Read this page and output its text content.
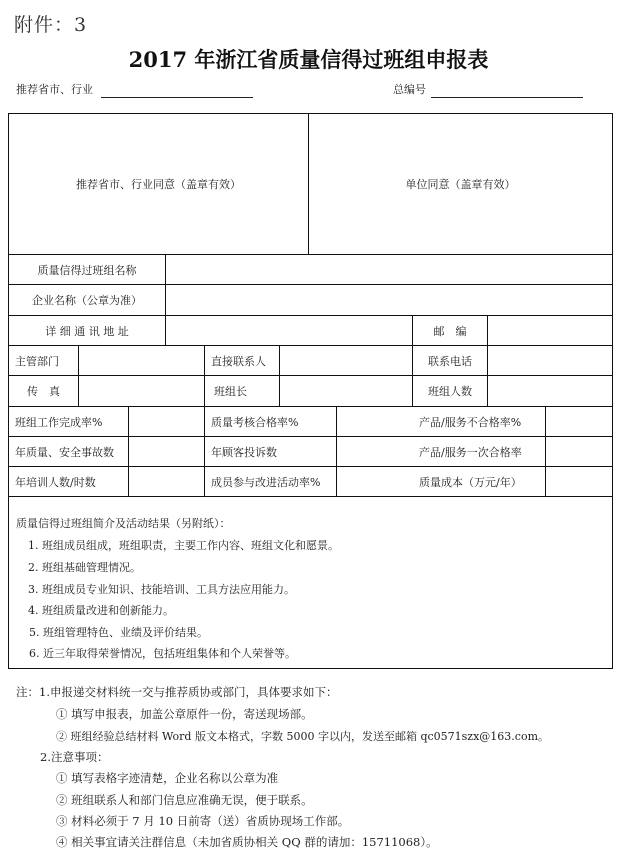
附件：3
2017 年浙江省质量信得过班组申报表
推荐省市、行业	总编号
推荐省市、行业同意（盖章有效）	单位同意（盖章有效）
质量信得过班组名称
企业名称（公章为准）
详 细 通 讯 地 址	邮　编
主管部门	直接联系人	联系电话
传　真	班组长	班组人数
班组工作完成率%	质量考核合格率%	产品/服务不合格率%
年质量、安全事故数	年顾客投诉数	产品/服务一次合格率
年培训人数/时数	成员参与改进活动率%	质量成本（万元/年）
质量信得过班组简介及活动结果（另附纸）：
1. 班组成员组成，班组职责，主要工作内容、班组文化和愿景。
2. 班组基础管理情况。
3. 班组成员专业知识、技能培训、工具方法应用能力。
4. 班组质量改进和创新能力。
5. 班组管理特色、业绩及评价结果。
6. 近三年取得荣誉情况，包括班组集体和个人荣誉等。
注：1.申报递交材料统一交与推荐质协或部门，具体要求如下：
① 填写申报表，加盖公章原件一份，寄送现场部。
② 班组经验总结材料 Word 版文本格式，字数 5000 字以内，发送至邮箱 qc0571szx@163.com。
2.注意事项：
① 填写表格字迹清楚，企业名称以公章为准
② 班组联系人和部门信息应准确无误，便于联系。
③ 材料必须于 7 月 10 日前寄（送）省质协现场工作部。
④ 相关事宜请关注群信息（未加省质协相关 QQ 群的请加：15711068）。
